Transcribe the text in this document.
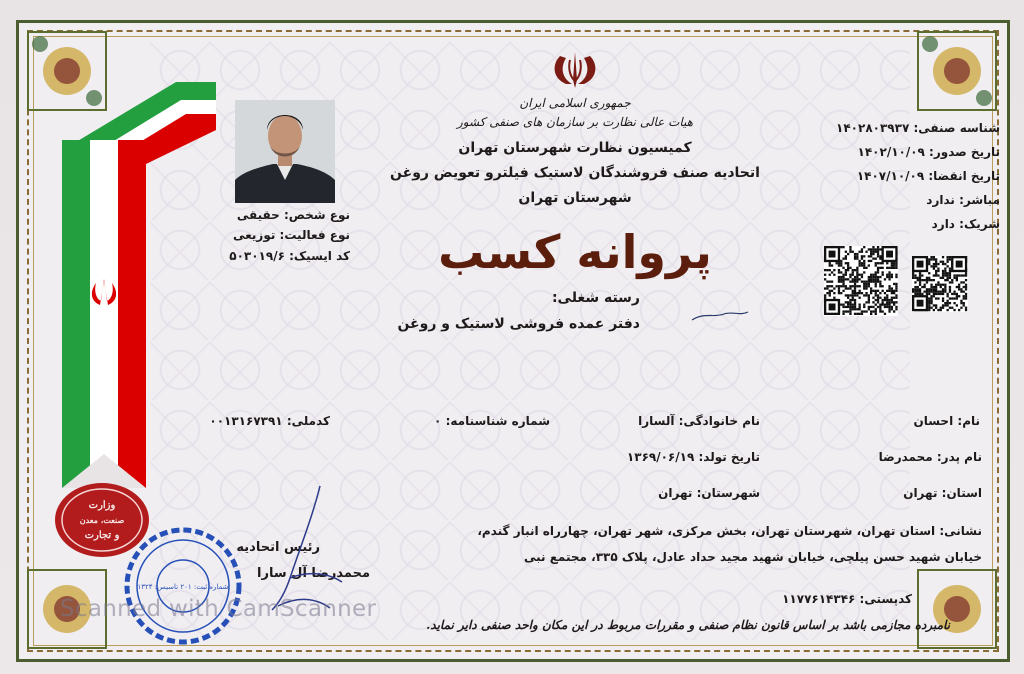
جمهوری اسلامی ایران
هیات عالی نظارت بر سازمان های صنفی کشور
کمیسیون نظارت شهرستان تهران
اتحادیه صنف فروشندگان لاستیک فیلترو تعویض روغن
شهرستان تهران
پروانه کسب
رسته شغلی:
دفتر عمده فروشی لاستیک و روغن
شناسه صنفی: ۱۴۰۲۸۰۳۹۳۷
تاریخ صدور: ۱۴۰۲/۱۰/۰۹
تاریخ انقضا: ۱۴۰۷/۱۰/۰۹
مباشر: ندارد
شریک: دارد
نوع شخص: حقیقی
نوع فعالیت: توزیعی
کد ایسیک: ۵۰۳۰۱۹/۶
نام: احسان
نام خانوادگی: آلسارا
شماره شناسنامه: ۰
کدملی: ۰۰۱۳۱۶۷۳۹۱
نام پدر: محمدرضا
تاریخ تولد: ۱۳۶۹/۰۶/۱۹
استان: تهران
شهرستان: تهران
نشانی: استان تهران، شهرستان تهران، بخش مرکزی، شهر تهران، چهارراه انبار گندم،
خیابان شهید حسن پیلچی، خیابان شهید مجید حداد عادل، پلاک ۳۳۵، مجتمع نبی
کدپستی: ۱۱۷۷۶۱۴۳۴۶
رئیس اتحادیه
محمدرضا آل سارا
وزارت
صنعت، معدن
و تجارت
شماره ثبت: ۲۰۱ تاسیس: ۱۳۲۴
نامبرده مجازمی باشد بر اساس قانون نظام صنفی و مقررات مربوط در این مکان واحد صنفی دایر نماید.
Scanned with CamScanner
